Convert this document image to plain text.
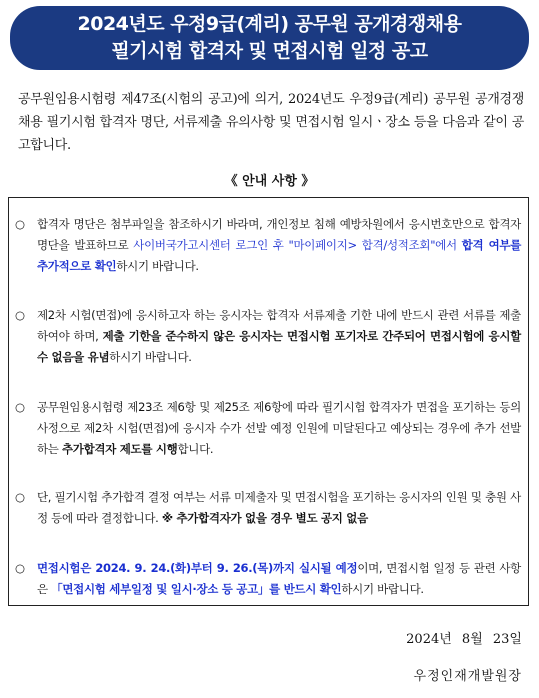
2024년도 우정9급(계리) 공무원 공개경쟁채용
필기시험 합격자 및 면접시험 일정 공고
공무원임용시험령 제47조(시험의 공고)에 의거, 2024년도 우정9급(계리) 공무원 공개경쟁채용 필기시험 합격자 명단, 서류제출 유의사항 및 면접시험 일시ㆍ장소 등을 다음과 같이 공고합니다.
《 안내 사항 》
○ 합격자 명단은 첨부파일을 참조하시기 바라며, 개인정보 침해 예방차원에서 응시번호만으로 합격자 명단을 발표하므로 사이버국가고시센터 로그인 후 "마이페이지> 합격/성적조회"에서 합격 여부를 추가적으로 확인하시기 바랍니다.
○ 제2차 시험(면접)에 응시하고자 하는 응시자는 합격자 서류제출 기한 내에 반드시 관련 서류를 제출하여야 하며, 제출 기한을 준수하지 않은 응시자는 면접시험 포기자로 간주되어 면접시험에 응시할 수 없음을 유념하시기 바랍니다.
○ 공무원임용시험령 제23조 제6항 및 제25조 제6항에 따라 필기시험 합격자가 면접을 포기하는 등의 사정으로 제2차 시험(면접)에 응시자 수가 선발 예정 인원에 미달된다고 예상되는 경우에 추가 선발하는 추가합격자 제도를 시행합니다.
○ 단, 필기시험 추가합격 결정 여부는 서류 미제출자 및 면접시험을 포기하는 응시자의 인원 및 충원 사정 등에 따라 결정합니다. ※ 추가합격자가 없을 경우 별도 공지 없음
○ 면접시험은 2024. 9. 24.(화)부터 9. 26.(목)까지 실시될 예정이며, 면접시험 일정 등 관련 사항은 「면접시험 세부일정 및 일시·장소 등 공고」를 반드시 확인하시기 바랍니다.
2024년 8월 23일
우정인재개발원장
